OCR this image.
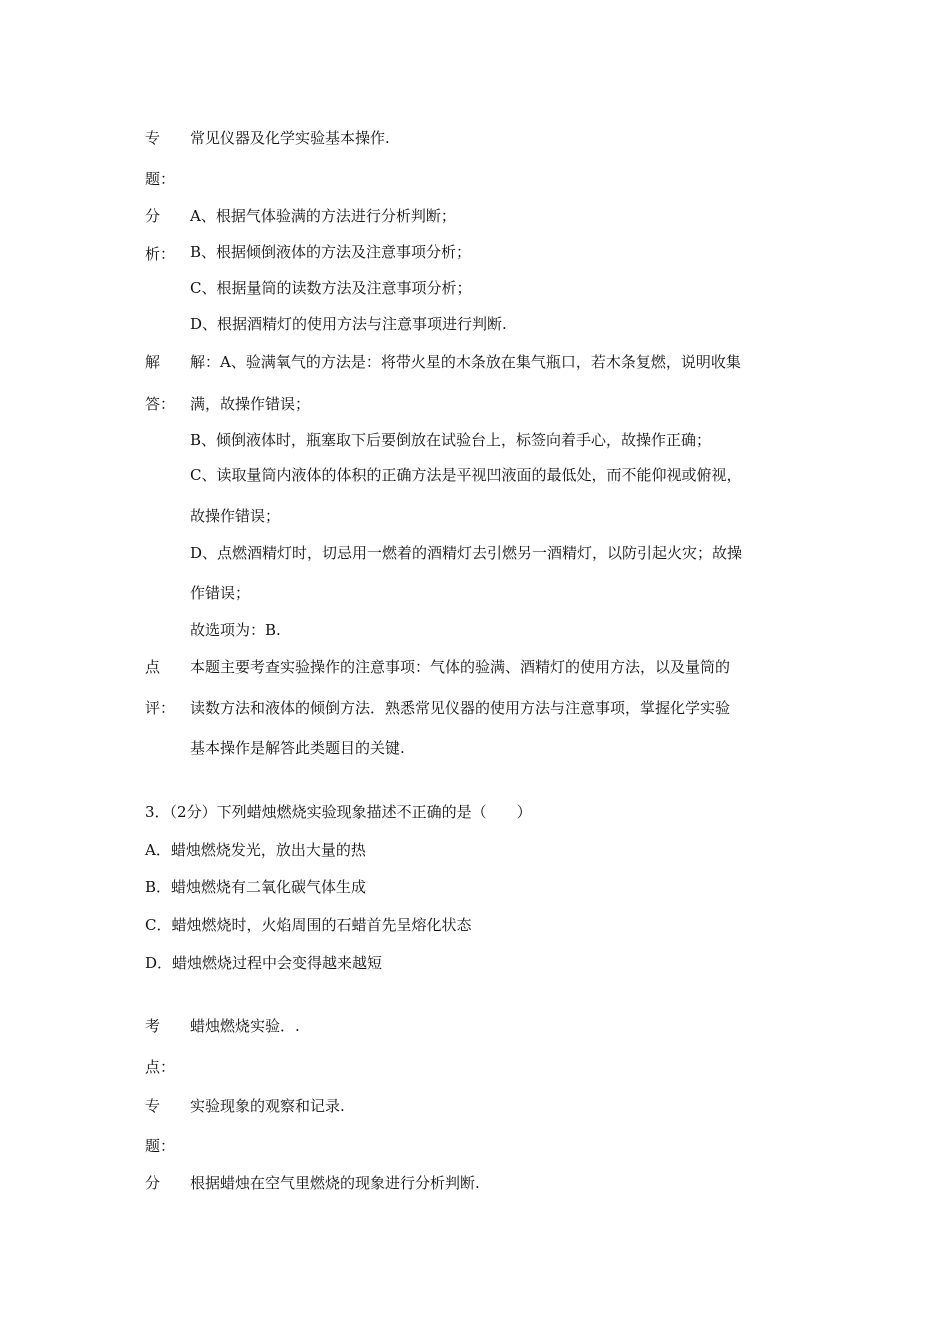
专 常见仪器及化学实验基本操作.
题：
分 A、根据气体验满的方法进行分析判断；
析： B、根据倾倒液体的方法及注意事项分析；
C、根据量筒的读数方法及注意事项分析；
D、根据酒精灯的使用方法与注意事项进行判断.
解 解：A、验满氧气的方法是：将带火星的木条放在集气瓶口，若木条复燃，说明收集
答： 满，故操作错误；
B、倾倒液体时，瓶塞取下后要倒放在试验台上，标签向着手心，故操作正确；
C、读取量筒内液体的体积的正确方法是平视凹液面的最低处，而不能仰视或俯视，
故操作错误；
D、点燃酒精灯时，切忌用一燃着的酒精灯去引燃另一酒精灯，以防引起火灾；故操
作错误；
故选项为：B.
点 本题主要考查实验操作的注意事项：气体的验满、酒精灯的使用方法，以及量筒的
评： 读数方法和液体的倾倒方法．熟悉常见仪器的使用方法与注意事项，掌握化学实验
基本操作是解答此类题目的关键.
3．（2分）下列蜡烛燃烧实验现象描述不正确的是（　　）
A．蜡烛燃烧发光，放出大量的热
B．蜡烛燃烧有二氧化碳气体生成
C．蜡烛燃烧时，火焰周围的石蜡首先呈熔化状态
D．蜡烛燃烧过程中会变得越来越短
考 蜡烛燃烧实验．.
点：
专 实验现象的观察和记录.
题：
分 根据蜡烛在空气里燃烧的现象进行分析判断.
